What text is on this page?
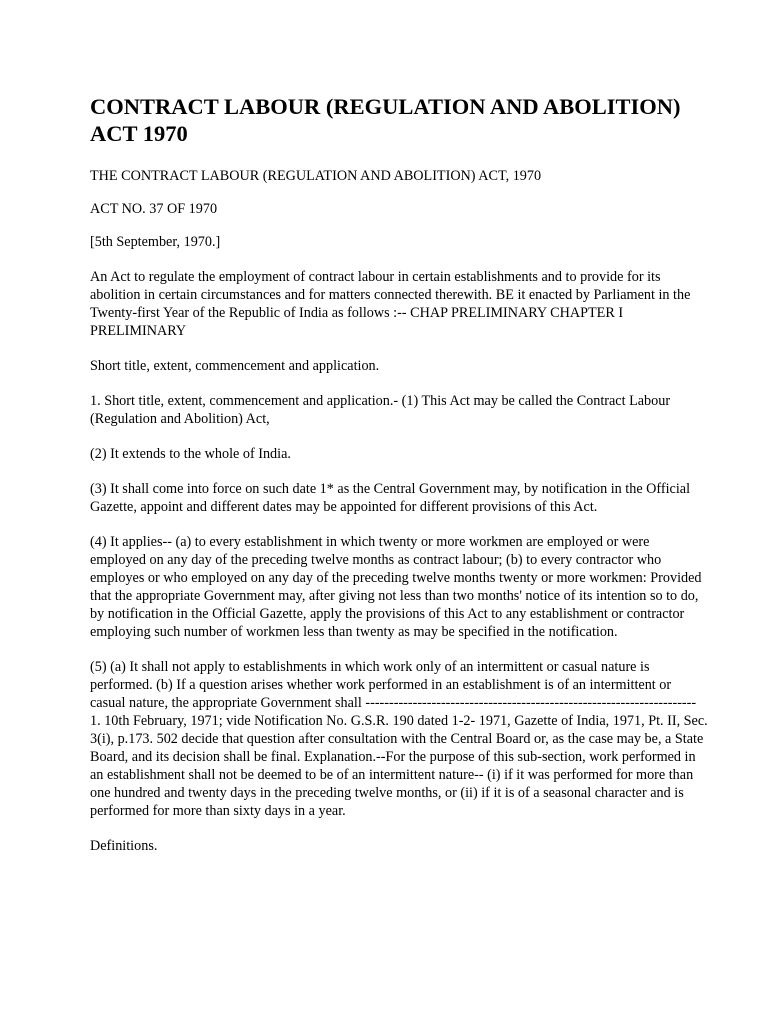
CONTRACT LABOUR (REGULATION AND ABOLITION) ACT 1970

THE CONTRACT LABOUR (REGULATION AND ABOLITION) ACT, 1970

ACT NO. 37 OF 1970

[5th September, 1970.]

An Act to regulate the employment of contract labour in certain establishments and to provide for its abolition in certain circumstances and for matters connected therewith. BE it enacted by Parliament in the Twenty-first Year of the Republic of India as follows :-- CHAP PRELIMINARY CHAPTER I PRELIMINARY

Short title, extent, commencement and application.

1. Short title, extent, commencement and application.- (1) This Act may be called the Contract Labour (Regulation and Abolition) Act,

(2) It extends to the whole of India.

(3) It shall come into force on such date 1* as the Central Government may, by notification in the Official Gazette, appoint and different dates may be appointed for different provisions of this Act.

(4) It applies-- (a) to every establishment in which twenty or more workmen are employed or were employed on any day of the preceding twelve months as contract labour; (b) to every contractor who employes or who employed on any day of the preceding twelve months twenty or more workmen: Provided that the appropriate Government may, after giving not less than two months' notice of its intention so to do, by notification in the Official Gazette, apply the provisions of this Act to any establishment or contractor employing such number of workmen less than twenty as may be specified in the notification.

(5) (a) It shall not apply to establishments in which work only of an intermittent or casual nature is performed. (b) If a question arises whether work performed in an establishment is of an intermittent or casual nature, the appropriate Government shall ---------------------------------------------------------------------- 1. 10th February, 1971; vide Notification No. G.S.R. 190 dated 1-2- 1971, Gazette of India, 1971, Pt. II, Sec. 3(i), p.173. 502 decide that question after consultation with the Central Board or, as the case may be, a State Board, and its decision shall be final. Explanation.--For the purpose of this sub-section, work performed in an establishment shall not be deemed to be of an intermittent nature-- (i) if it was performed for more than one hundred and twenty days in the preceding twelve months, or (ii) if it is of a seasonal character and is performed for more than sixty days in a year.

Definitions.
